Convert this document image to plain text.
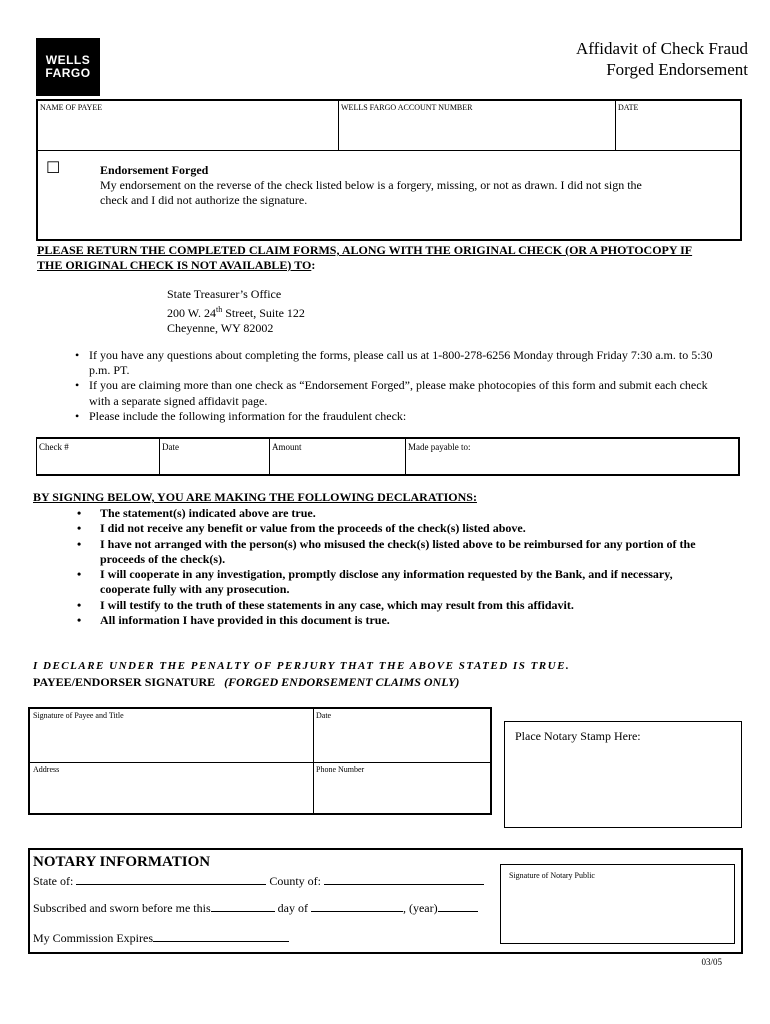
WELLS
FARGO
Affidavit of Check Fraud
Forged Endorsement
NAME OF PAYEE	WELLS FARGO ACCOUNT NUMBER	DATE
☐	Endorsement Forged
My endorsement on the reverse of the check listed below is a forgery, missing, or not as drawn. I did not sign the
check and I did not authorize the signature.
PLEASE RETURN THE COMPLETED CLAIM FORMS, ALONG WITH THE ORIGINAL CHECK (OR A PHOTOCOPY IF
THE ORIGINAL CHECK IS NOT AVAILABLE) TO:
State Treasurer’s Office
200 W. 24th Street, Suite 122
Cheyenne, WY 82002
• If you have any questions about completing the forms, please call us at 1-800-278-6256 Monday through Friday 7:30 a.m. to 5:30
p.m. PT.
• If you are claiming more than one check as “Endorsement Forged”, please make photocopies of this form and submit each check
with a separate signed affidavit page.
• Please include the following information for the fraudulent check:
Check #	Date	Amount	Made payable to:
BY SIGNING BELOW, YOU ARE MAKING THE FOLLOWING DECLARATIONS:
• The statement(s) indicated above are true.
• I did not receive any benefit or value from the proceeds of the check(s) listed above.
• I have not arranged with the person(s) who misused the check(s) listed above to be reimbursed for any portion of the
proceeds of the check(s).
• I will cooperate in any investigation, promptly disclose any information requested by the Bank, and if necessary,
cooperate fully with any prosecution.
• I will testify to the truth of these statements in any case, which may result from this affidavit.
• All information I have provided in this document is true.
I DECLARE UNDER THE PENALTY OF PERJURY THAT THE ABOVE STATED IS TRUE.
PAYEE/ENDORSER SIGNATURE (FORGED ENDORSEMENT CLAIMS ONLY)
Signature of Payee and Title	Date
Address	Phone Number
Place Notary Stamp Here:
NOTARY INFORMATION
State of:	County of:
Subscribed and sworn before me this	day of	, (year)
My Commission Expires
Signature of Notary Public
03/05
